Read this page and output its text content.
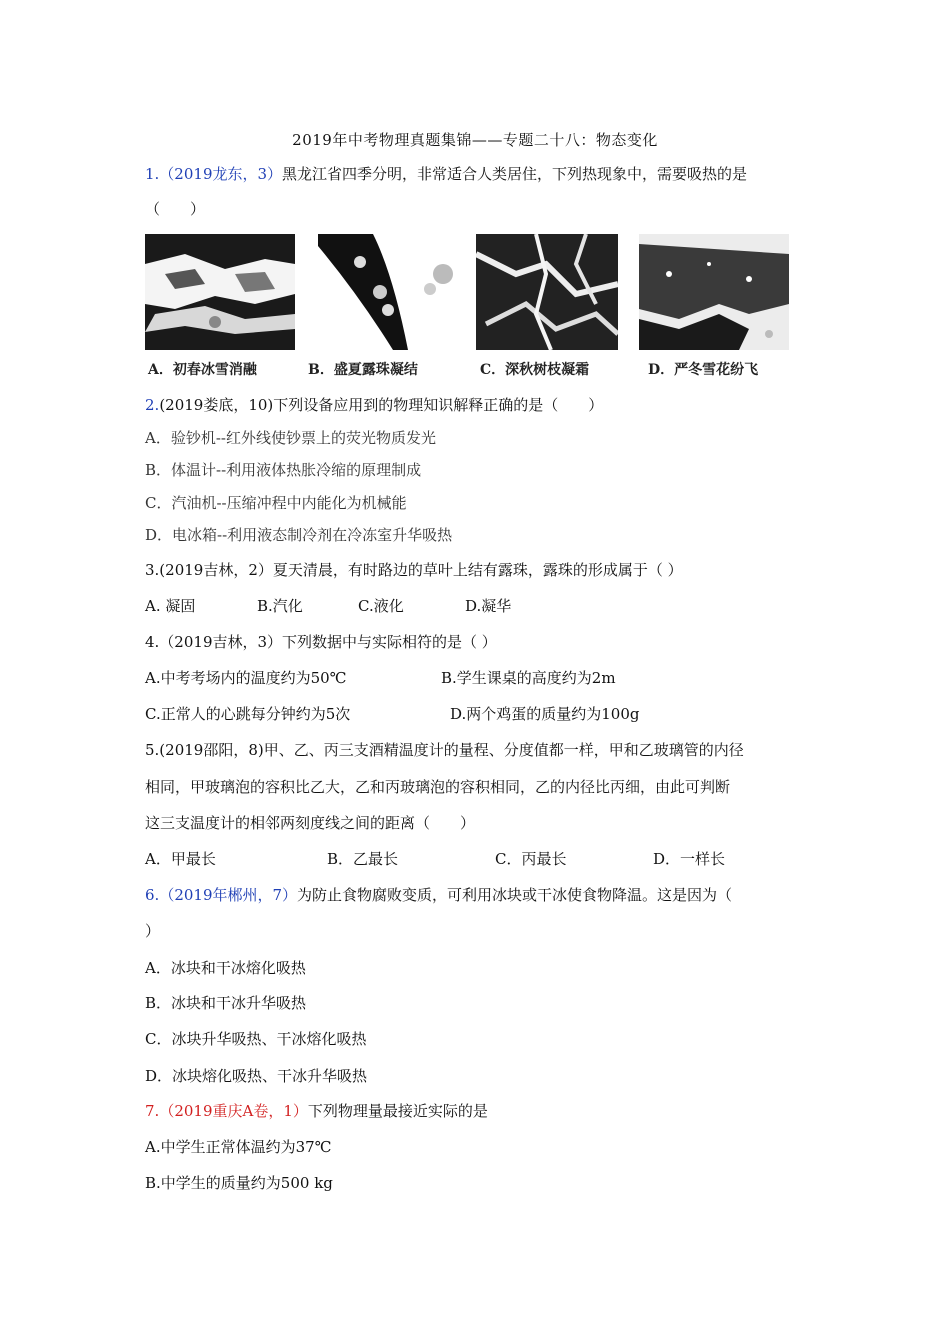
2019年中考物理真题集锦——专题二十八：物态变化
1.（2019龙东，3）黑龙江省四季分明，非常适合人类居住，下列热现象中，需要吸热的是
（　　）
A．初春冰雪消融	B．盛夏露珠凝结	C．深秋树枝凝霜	D．严冬雪花纷飞
2.(2019娄底，10)下列设备应用到的物理知识解释正确的是（　　）
A．验钞机--红外线使钞票上的荧光物质发光
B．体温计--利用液体热胀冷缩的原理制成
C．汽油机--压缩冲程中内能化为机械能
D．电冰箱--利用液态制冷剂在冷冻室升华吸热
3.(2019吉林，2）夏天清晨，有时路边的草叶上结有露珠，露珠的形成属于（ ）
A. 凝固	B.汽化	C.液化	D.凝华
4.（2019吉林，3）下列数据中与实际相符的是（ ）
A.中考考场内的温度约为50℃	B.学生课桌的高度约为2m
C.正常人的心跳每分钟约为5次	D.两个鸡蛋的质量约为100g
5.(2019邵阳，8)甲、乙、丙三支酒精温度计的量程、分度值都一样，甲和乙玻璃管的内径
相同，甲玻璃泡的容积比乙大，乙和丙玻璃泡的容积相同，乙的内径比丙细，由此可判断
这三支温度计的相邻两刻度线之间的距离（　　）
A．甲最长	B．乙最长	C．丙最长	D．一样长
6.（2019年郴州，7）为防止食物腐败变质，可利用冰块或干冰使食物降温。这是因为（
）
A．冰块和干冰熔化吸热
B．冰块和干冰升华吸热
C．冰块升华吸热、干冰熔化吸热
D．冰块熔化吸热、干冰升华吸热
7.（2019重庆A卷，1）下列物理量最接近实际的是
A.中学生正常体温约为37℃
B.中学生的质量约为500 kg
